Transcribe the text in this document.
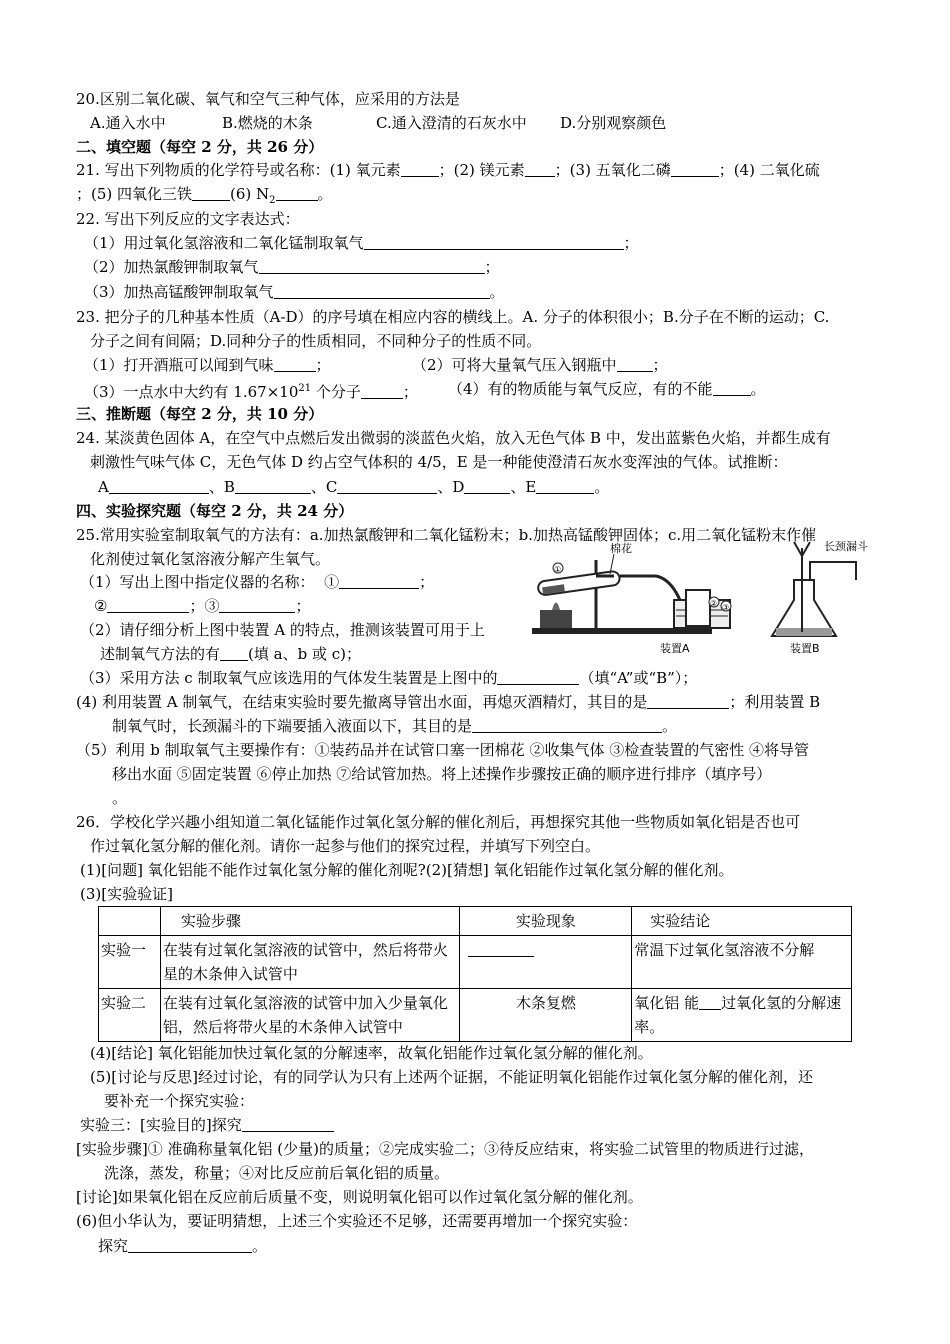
20.区别二氧化碳、氧气和空气三种气体，应采用的方法是
A.通入水中	B.燃烧的木条	C.通入澄清的石灰水中 D.分别观察颜色
二、填空题（每空 2 分，共 26 分）
21. 写出下列物质的化学符号或名称：(1) 氧元素	；(2) 镁元素 ；(3) 五氧化二磷	；(4) 二氧化硫
；(5) 四氧化三铁	(6) $N_2$	。
22. 写出下列反应的文字表达式：
（1）用过氧化氢溶液和二氧化锰制取氧气	；
（2）加热氯酸钾制取氧气	；
（3）加热高锰酸钾制取氧气	。
23. 把分子的几种基本性质（A-D）的序号填在相应内容的横线上。A. 分子的体积很小；B.分子在不断的运动；C.
分子之间有间隔；D.同种分子的性质相同，不同种分子的性质不同。
（1）打开酒瓶可以闻到气味	；	（2）可将大量氧气压入钢瓶中 ；
（3）一点水中大约有 $1.67\times 10^{21}$ 个分子	； （4）有的物质能与氧气反应，有的不能	。
三、推断题（每空 2 分，共 10 分）
24. 某淡黄色固体 A，在空气中点燃后发出微弱的淡蓝色火焰，放入无色气体 B 中，发出蓝紫色火焰，并都生成有
刺激性气味气体 C，无色气体 D 约占空气体积的 4/5，E 是一种能使澄清石灰水变浑浊的气体。试推断：
A	、B	、C	、D	、E	。
四、实验探究题（每空 2 分，共 24 分）
25.常用实验室制取氧气的方法有：a.加热氯酸钾和二氧化锰粉末；b.加热高锰酸钾固体；c.用二氧化锰粉末作催
化剂使过氧化氢溶液分解产生氧气。
棉花
①
② ③
装置A
长颈漏斗
装置B
（1）写出上图中指定仪器的名称： ①	；
②	；③	；
（2）请仔细分析上图中装置 A 的特点，推测该装置可用于上
述制氧气方法的有 (填 a、b 或 c)；
（3）采用方法 c 制取氧气应该选用的气体发生装置是上图中的	（填“A”或“B”）；
(4) 利用装置 A 制氧气，在结束实验时要先撤离导管出水面，再熄灭酒精灯，其目的是	；利用装置 B
制氧气时，长颈漏斗的下端要插入液面以下，其目的是	。
（5）利用 b 制取氧气主要操作有：①装药品并在试管口塞一团棉花 ②收集气体 ③检查装置的气密性 ④将导管
移出水面 ⑤固定装置 ⑥停止加热 ⑦给试管加热。将上述操作步骤按正确的顺序进行排序（填序号）
。
26．学校化学兴趣小组知道二氧化锰能作过氧化氢分解的催化剂后，再想探究其他一些物质如氧化铝是否也可
作过氧化氢分解的催化剂。请你一起参与他们的探究过程，并填写下列空白。
(1)[问题] 氧化铝能不能作过氧化氢分解的催化剂呢?(2)[猜想] 氧化铝能作过氧化氢分解的催化剂。
(3)[实验验证]
	实验步骤	实验现象	实验结论
实验一	在装有过氧化氢溶液的试管中，然后将带火星的木条伸入试管中		常温下过氧化氢溶液不分解
实验二	在装有过氧化氢溶液的试管中加入少量氧化铝，然后将带火星的木条伸入试管中	木条复燃	氧化铝 能 过氧化氢的分解速率。
(4)[结论] 氧化铝能加快过氧化氢的分解速率，故氧化铝能作过氧化氢分解的催化剂。
(5)[讨论与反思]经过讨论，有的同学认为只有上述两个证据，不能证明氧化铝能作过氧化氢分解的催化剂，还
要补充一个探究实验：
实验三：[实验目的]探究
[实验步骤]① 准确称量氧化铝 (少量)的质量；②完成实验二；③待反应结束，将实验二试管里的物质进行过滤，
洗涤，蒸发，称量；④对比反应前后氧化铝的质量。
[讨论]如果氧化铝在反应前后质量不变，则说明氧化铝可以作过氧化氢分解的催化剂。
(6)但小华认为，要证明猜想，上述三个实验还不足够，还需要再增加一个探究实验：
探究	。
